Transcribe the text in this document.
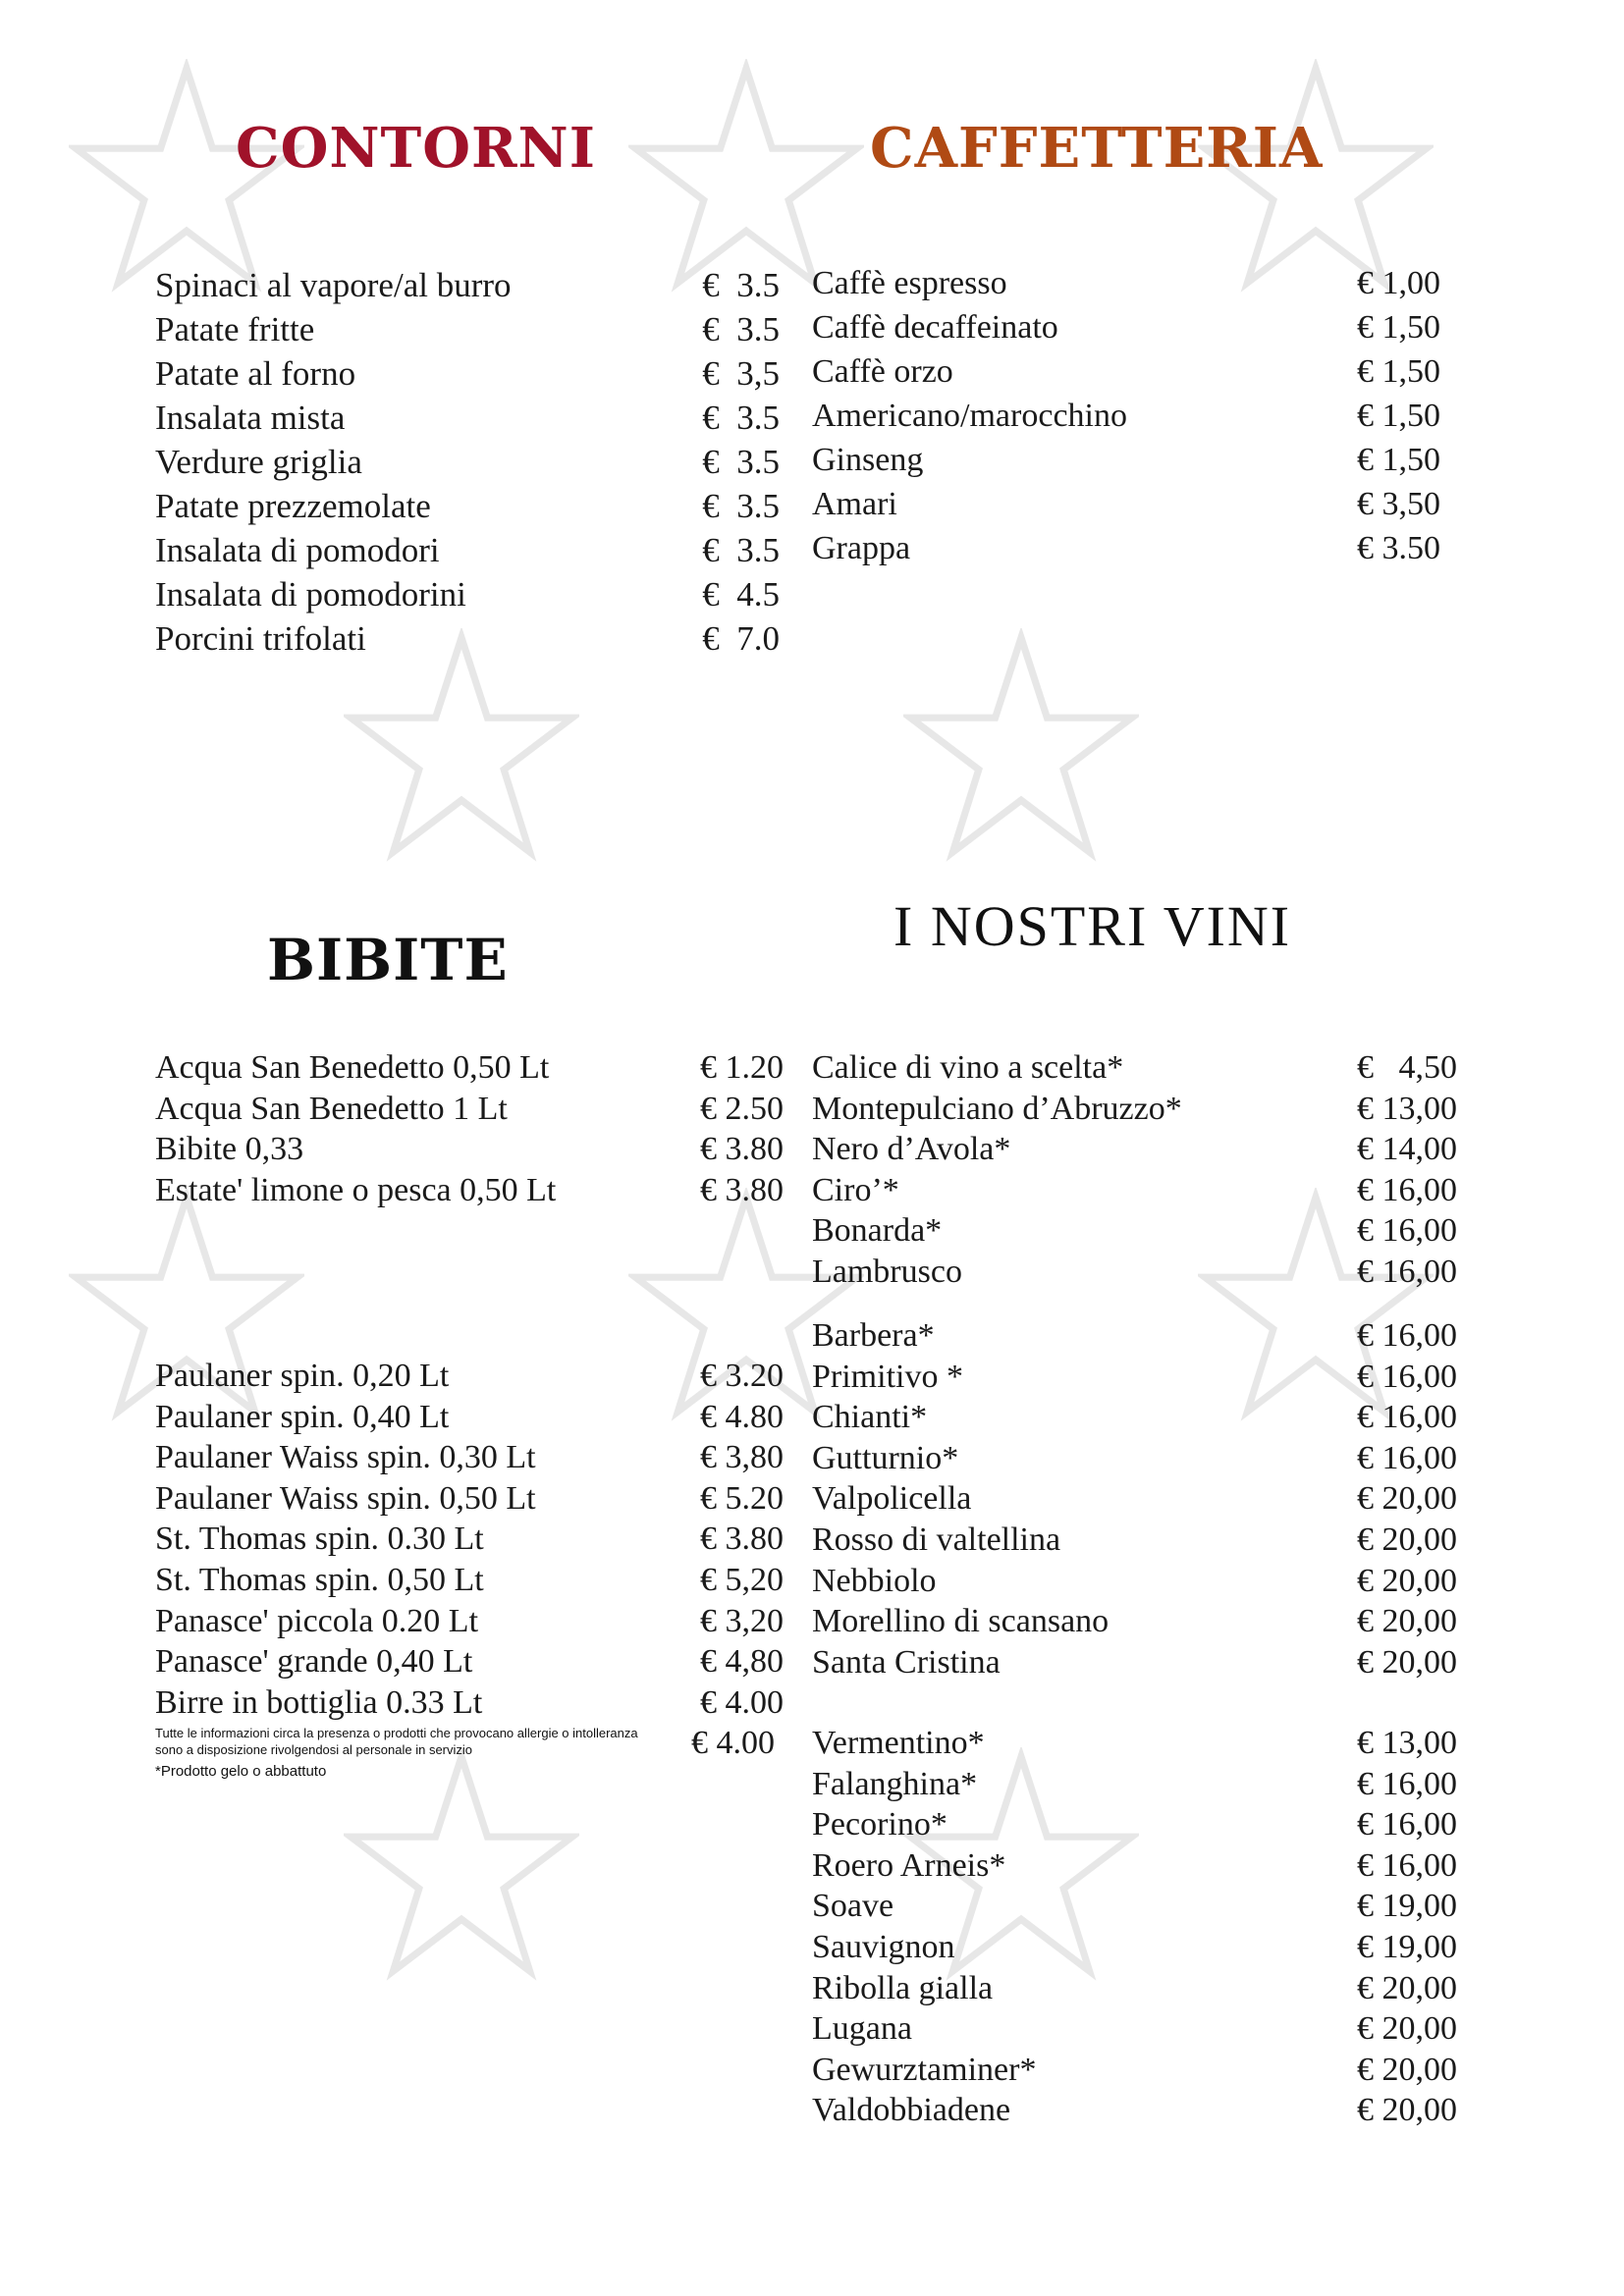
CONTORNI
Spinaci al vapore/al burro	€  3.5
Patate fritte	€  3.5
Patate al forno	€  3,5
Insalata mista	€  3.5
Verdure griglia	€  3.5
Patate prezzemolate	€  3.5
Insalata di pomodori	€  3.5
Insalata di pomodorini	€  4.5
Porcini trifolati	€  7.0
CAFFETTERIA
Caffè espresso	€ 1,00
Caffè decaffeinato	€ 1,50
Caffè orzo	€ 1,50
Americano/marocchino	€ 1,50
Ginseng	€ 1,50
Amari	€ 3,50
Grappa	€ 3.50
BIBITE
Acqua San Benedetto 0,50 Lt	€ 1.20
Acqua San Benedetto 1 Lt	€ 2.50
Bibite 0,33	€ 3.80
Estate' limone o pesca 0,50 Lt	€ 3.80
Paulaner spin. 0,20 Lt	€ 3.20
Paulaner spin. 0,40 Lt	€ 4.80
Paulaner Waiss spin. 0,30 Lt	€ 3,80
Paulaner Waiss spin. 0,50 Lt	€ 5.20
St. Thomas spin. 0.30 Lt	€ 3.80
St. Thomas spin. 0,50 Lt	€ 5,20
Panasce' piccola 0.20 Lt	€ 3,20
Panasce' grande 0,40 Lt	€ 4,80
Birre in bottiglia 0.33 Lt	€ 4.00
€ 4.00
Tutte le informazioni circa la presenza o prodotti che provocano allergie o intolleranza sono a disposizione rivolgendosi al personale in servizio
*Prodotto gelo o abbattuto
I NOSTRI VINI
Calice di vino a scelta*	€   4,50
Montepulciano d’Abruzzo*	€ 13,00
Nero d’Avola*	€ 14,00
Ciro’*	€ 16,00
Bonarda*	€ 16,00
Lambrusco	€ 16,00
Barbera*	€ 16,00
Primitivo *	€ 16,00
Chianti*	€ 16,00
Gutturnio*	€ 16,00
Valpolicella	€ 20,00
Rosso di valtellina	€ 20,00
Nebbiolo	€ 20,00
Morellino di scansano	€ 20,00
Santa Cristina	€ 20,00
Vermentino*	€ 13,00
Falanghina*	€ 16,00
Pecorino*	€ 16,00
Roero Arneis*	€ 16,00
Soave	€ 19,00
Sauvignon	€ 19,00
Ribolla gialla	€ 20,00
Lugana	€ 20,00
Gewurztaminer*	€ 20,00
Valdobbiadene	€ 20,00
